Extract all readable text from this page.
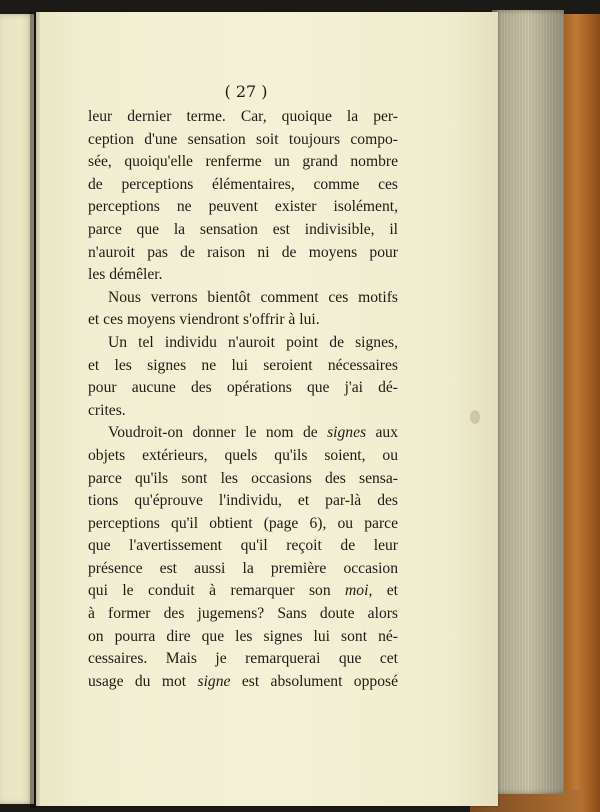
( 27 )
leur dernier terme. Car, quoique la per-
ception d'une sensation soit toujours compo-
sée, quoiqu'elle renferme un grand nombre
de perceptions élémentaires, comme ces
perceptions ne peuvent exister isolément,
parce que la sensation est indivisible, il
n'auroit pas de raison ni de moyens pour
les démêler.
Nous verrons bientôt comment ces motifs
et ces moyens viendront s'offrir à lui.
Un tel individu n'auroit point de signes,
et les signes ne lui seroient nécessaires
pour aucune des opérations que j'ai dé-
crites.
Voudroit-on donner le nom de signes aux
objets extérieurs, quels qu'ils soient, ou
parce qu'ils sont les occasions des sensa-
tions qu'éprouve l'individu, et par-là des
perceptions qu'il obtient (page 6), ou parce
que l'avertissement qu'il reçoit de leur
présence est aussi la première occasion
qui le conduit à remarquer son moi, et
à former des jugemens? Sans doute alors
on pourra dire que les signes lui sont né-
cessaires. Mais je remarquerai que cet
usage du mot signe est absolument opposé
